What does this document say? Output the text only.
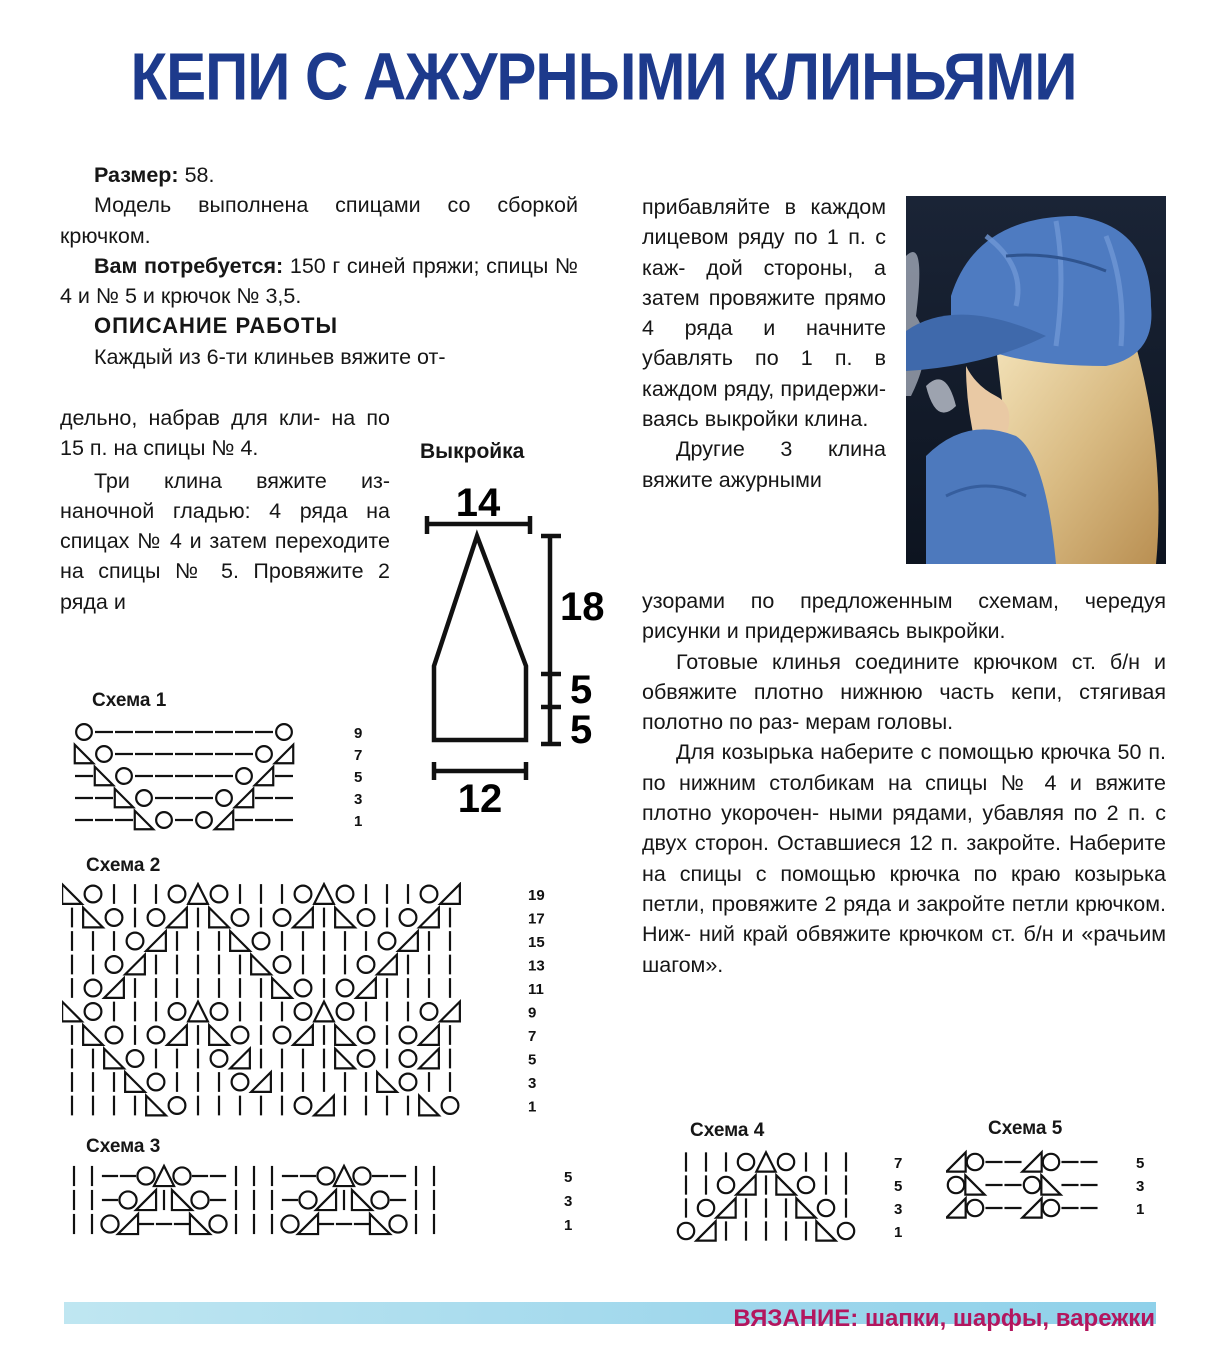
КЕПИ С АЖУРНЫМИ КЛИНЬЯМИ

Размер: 58.

Модель выполнена спицами со сборкой крючком.

Вам потребуется: 150 г синей пряжи; спицы № 4 и № 5 и крючок № 3,5.

ОПИСАНИЕ РАБОТЫ

Каждый из 6-ти клиньев вяжите от-

дельно, набрав для кли- на по 15 п. на спицы № 4.

Три клина вяжите из- наночной гладью: 4 ряда на спицах № 4 и затем переходите на спицы № 5. Провяжите 2 ряда и

Выкройка
14
12
18
5
5

прибавляйте в каждом лицевом ряду по 1 п. с каж- дой стороны, а затем провяжите прямо 4 ряда и начните убавлять по 1 п. в каждом ряду, придержи- ваясь выкройки клина.

Другие 3 клина вяжите ажурными

узорами по предложенным схемам, чередуя рисунки и придерживаясь выкройки.

Готовые клинья соедините крючком ст. б/н и обвяжите плотно нижнюю часть кепи, стягивая полотно по раз- мерам головы.

Для козырька наберите с помощью крючка 50 п. по нижним столбикам на спицы № 4 и вяжите плотно укорочен- ными рядами, убавляя по 2 п. с двух сторон. Оставшиеся 12 п. закройте. Наберите на спицы с помощью крючка по краю козырька петли, провяжите 2 ряда и закройте петли крючком. Ниж- ний край обвяжите крючком ст. б/н и «рачьим шагом».

Схема 1
Схема 2
Схема 3
Схема 4	Схема 5
9
7
5
3
1
19
17
15
13
11
9
7
5
3
1
5
3
1
7
5
3
1
5
3
1
ВЯЗАНИЕ: шапки, шарфы, варежки
